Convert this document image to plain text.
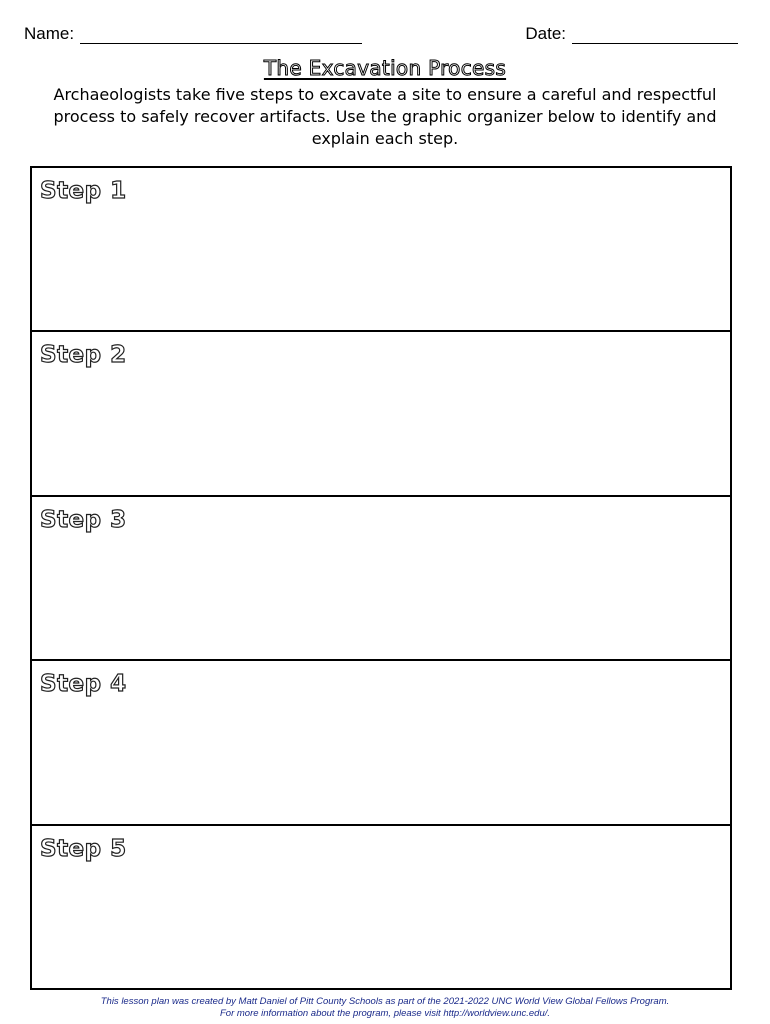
Name:	Date:
The Excavation Process
Archaeologists take five steps to excavate a site to ensure a careful and respectful process to safely recover artifacts. Use the graphic organizer below to identify and explain each step.
Step 1
Step 2
Step 3
Step 4
Step 5
This lesson plan was created by Matt Daniel of Pitt County Schools as part of the 2021-2022 UNC World View Global Fellows Program.
For more information about the program, please visit http://worldview.unc.edu/.
